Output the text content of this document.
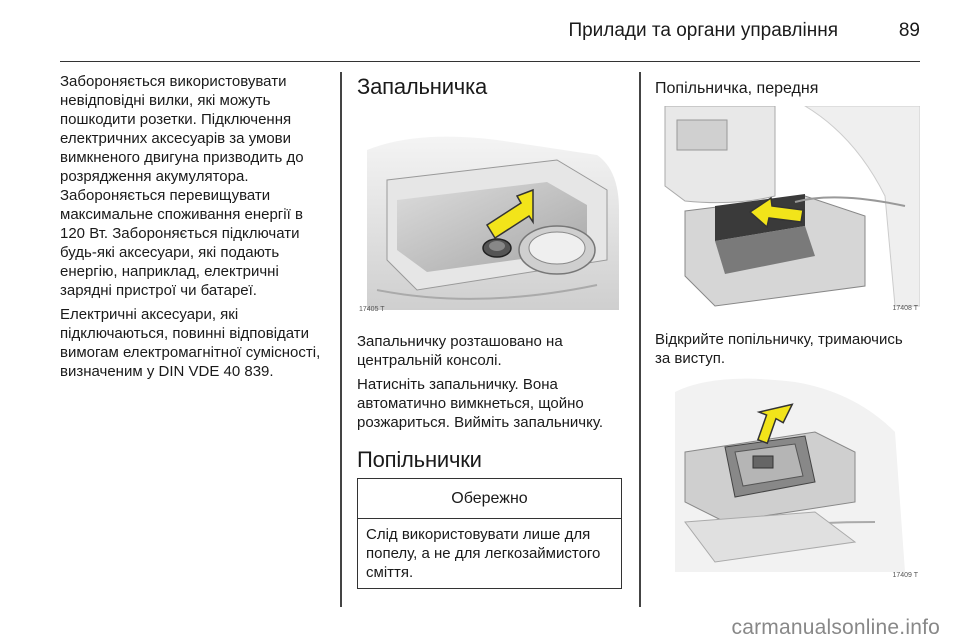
Прилади та органи управління	89

Забороняється використовувати невідповідні вилки, які можуть пошкодити розетки. Підключення електричних аксесуарів за умови вимкненого двигуна призводить до розрядження акумулятора. Забороняється перевищувати максимальне споживання енергії в 120 Вт. Забороняється підключати будь-які аксесуари, які подають енергію, наприклад, електричні зарядні пристрої чи батареї.

Електричні аксесуари, які підключаються, повинні відповідати вимогам електромагнітної сумісності, визначеним у DIN VDE 40 839.

Запальничка
17405 T

Запальничку розташовано на центральній консолі.

Натисніть запальничку. Вона автоматично вимкнеться, щойно розжариться. Вийміть запальничку.

Попільнички
Обережно
Слід використовувати лише для попелу, а не для легкозаймистого сміття.
Попільничка, передня
17408 T

Відкрийте попільничку, тримаючись за виступ.

17409 T
carmanualsonline.info
